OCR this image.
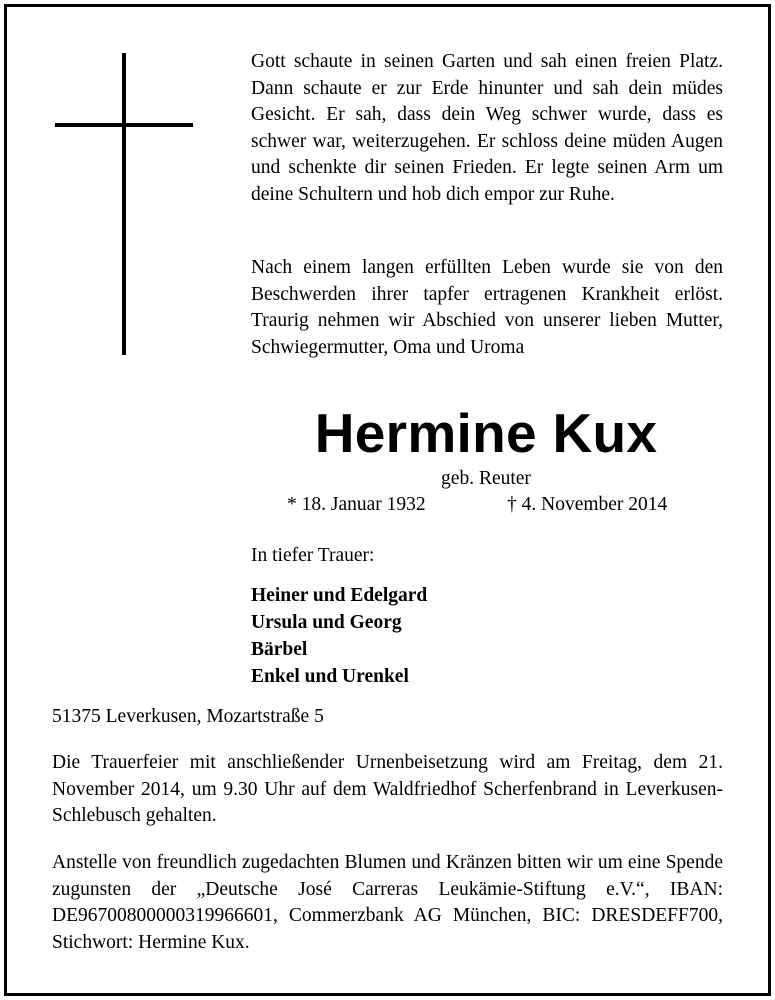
Gott schaute in seinen Garten und sah einen freien Platz. Dann schaute er zur Erde hinunter und sah dein müdes Gesicht. Er sah, dass dein Weg schwer wurde, dass es schwer war, weiterzugehen. Er schloss deine müden Augen und schenkte dir seinen Frieden. Er legte seinen Arm um deine Schultern und hob dich empor zur Ruhe.

Nach einem langen erfüllten Leben wurde sie von den Beschwerden ihrer tapfer ertragenen Krankheit erlöst. Traurig nehmen wir Abschied von unserer lieben Mutter, Schwiegermutter, Oma und Uroma

Hermine Kux
geb. Reuter
* 18. Januar 1932	† 4. November 2014
In tiefer Trauer:
Heiner und Edelgard
Ursula und Georg
Bärbel
Enkel und Urenkel
51375 Leverkusen, Mozartstraße 5

Die Trauerfeier mit anschließender Urnenbeisetzung wird am Freitag, dem 21. November 2014, um 9.30 Uhr auf dem Waldfriedhof Scherfenbrand in Leverkusen-Schlebusch gehalten.

Anstelle von freundlich zugedachten Blumen und Kränzen bitten wir um eine Spende zugunsten der „Deutsche José Carreras Leukämie-Stiftung e.V.“, IBAN: DE96700800000319966601, Commerzbank AG München, BIC: DRESDEFF700, Stichwort: Hermine Kux.
